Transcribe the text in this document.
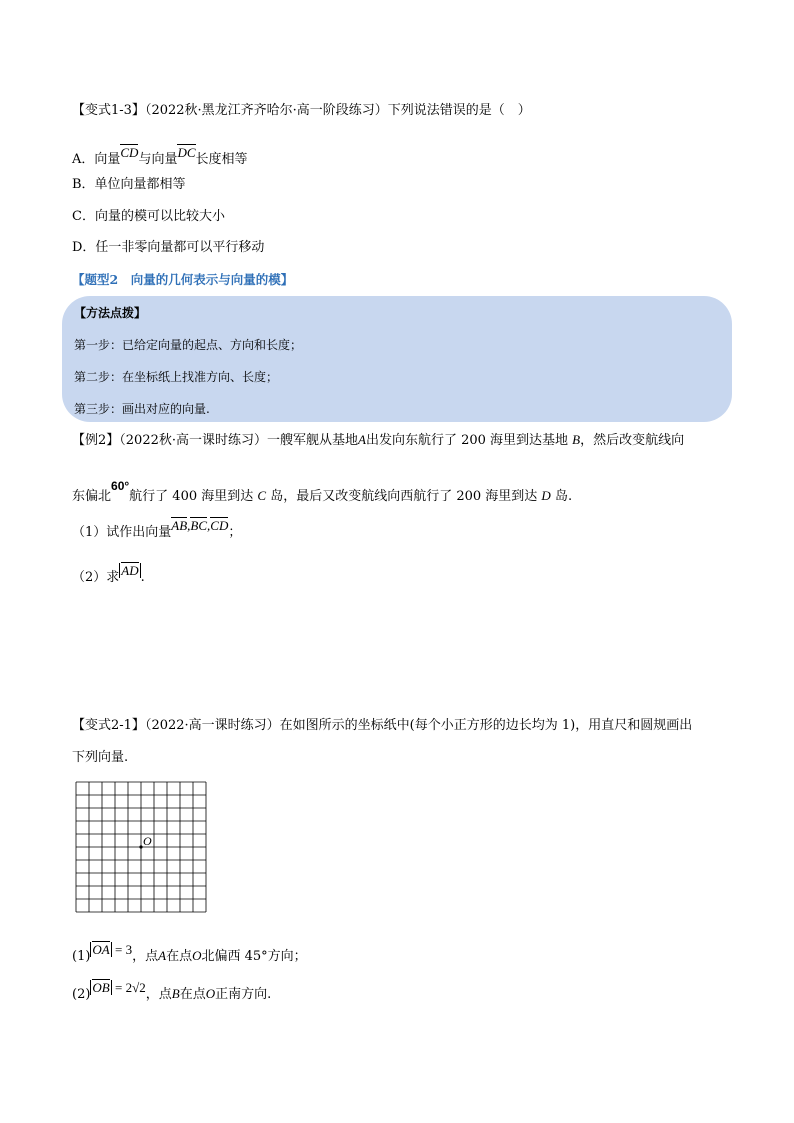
【变式1-3】（2022秋·黑龙江齐齐哈尔·高一阶段练习）下列说法错误的是（　）
A．向量CD与向量DC长度相等
B．单位向量都相等
C．向量的模可以比较大小
D．任一非零向量都可以平行移动
【题型2　向量的几何表示与向量的模】
【方法点拨】
第一步：已给定向量的起点、方向和长度；
第二步：在坐标纸上找准方向、长度；
第三步：画出对应的向量.
【例2】（2022秋·高一课时练习）一艘军舰从基地A出发向东航行了 200 海里到达基地 B，然后改变航线向
东偏北60°航行了 400 海里到达 C 岛，最后又改变航线向西航行了 200 海里到达 D 岛.
（1）试作出向量AB,BC,CD；
（2）求 AD .
【变式2-1】（2022·高一课时练习）在如图所示的坐标纸中(每个小正方形的边长均为 1)，用直尺和圆规画出
下列向量.
O
(1) OA = 3，点A在点O北偏西 45°方向；
(2) OB = 2√2，点B在点O正南方向.
